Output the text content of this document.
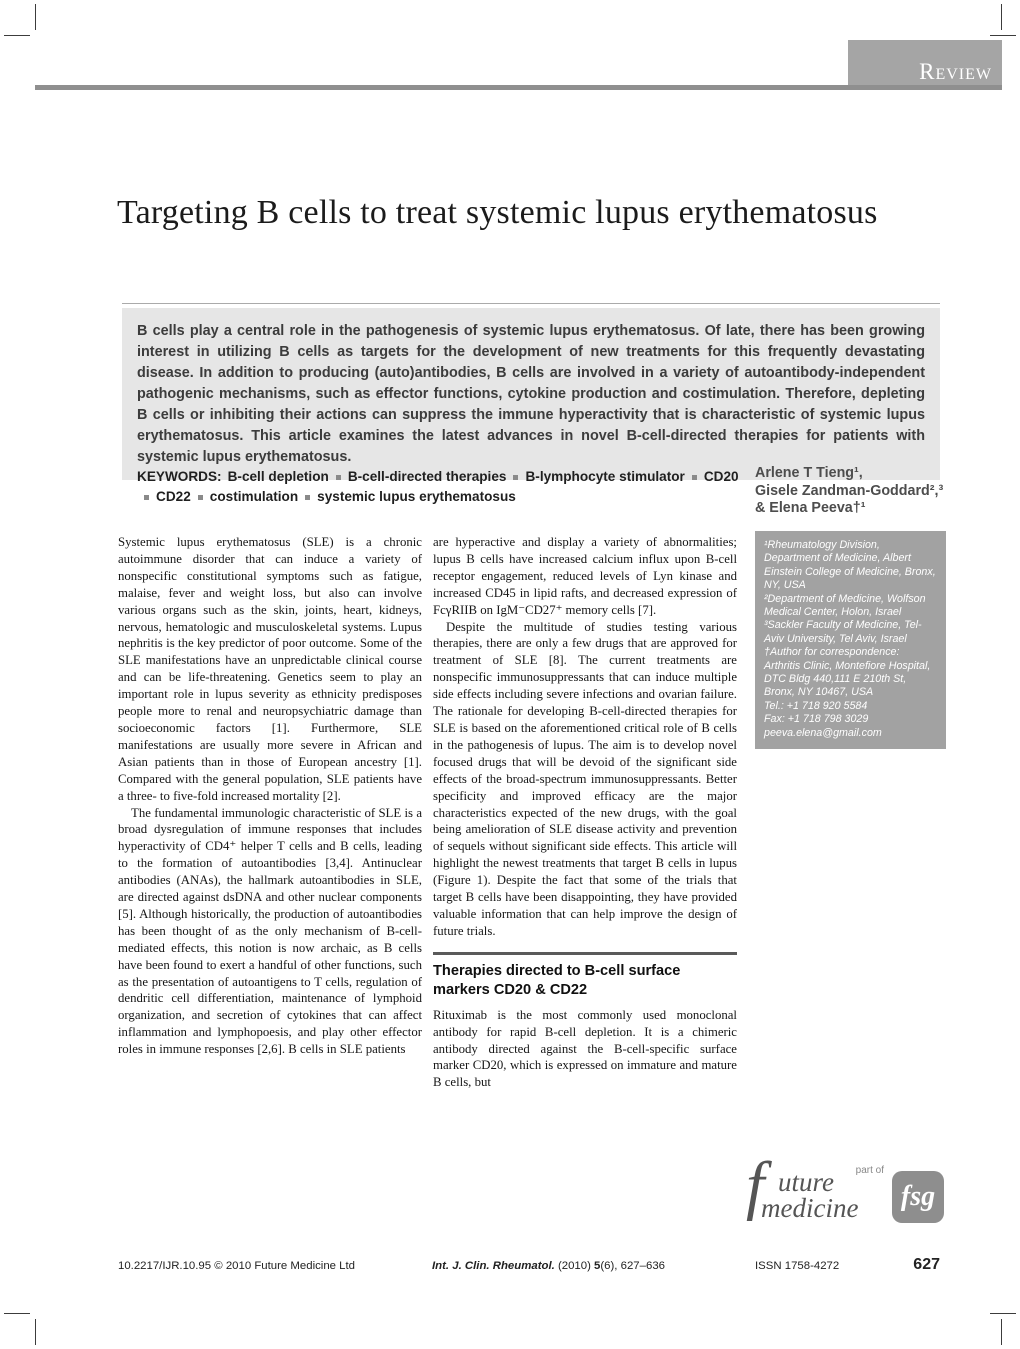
Review
Targeting B cells to treat systemic lupus erythematosus
B cells play a central role in the pathogenesis of systemic lupus erythematosus. Of late, there has been growing interest in utilizing B cells as targets for the development of new treatments for this frequently devastating disease. In addition to producing (auto)antibodies, B cells are involved in a variety of autoantibody-independent pathogenic mechanisms, such as effector functions, cytokine production and costimulation. Therefore, depleting B cells or inhibiting their actions can suppress the immune hyperactivity that is characteristic of systemic lupus erythematosus. This article examines the latest advances in novel B-cell-directed therapies for patients with systemic lupus erythematosus.
KEYWORDS: B-cell depletion B-cell-directed therapies B-lymphocyte stimulator CD20CD22 costimulation systemic lupus erythematosus

Arlene T Tieng¹,

Gisele Zandman-Goddard²,³

& Elena Peeva†¹

¹Rheumatology Division, Department of Medicine, Albert Einstein College of Medicine, Bronx, NY, USA

²Department of Medicine, Wolfson Medical Center, Holon, Israel

³Sackler Faculty of Medicine, Tel-Aviv University, Tel Aviv, Israel

†Author for correspondence: Arthritis Clinic, Montefiore Hospital, DTC Bldg 440,111 E 210th St, Bronx, NY 10467, USA

Tel.: +1 718 920 5584

Fax: +1 718 798 3029

peeva.elena@gmail.com

Systemic lupus erythematosus (SLE) is a chronic autoimmune disorder that can induce a variety of nonspecific constitutional symptoms such as fatigue, malaise, fever and weight loss, but also can involve various organs such as the skin, joints, heart, kidneys, nervous, hematologic and musculoskeletal systems. Lupus nephritis is the key predictor of poor outcome. Some of the SLE manifestations have an unpredictable clinical course and can be life-threatening. Genetics seem to play an important role in lupus severity as ethnicity predisposes people more to renal and neuropsychiatric damage than socioeconomic factors [1]. Furthermore, SLE manifestations are usually more severe in African and Asian patients than in those of European ancestry [1]. Compared with the general population, SLE patients have a three- to five-fold increased mortality [2].

The fundamental immunologic characteristic of SLE is a broad dysregulation of immune responses that includes hyperactivity of CD4⁺ helper T cells and B cells, leading to the formation of autoantibodies [3,4]. Antinuclear antibodies (ANAs), the hallmark autoantibodies in SLE, are directed against dsDNA and other nuclear components [5]. Although historically, the production of autoantibodies has been thought of as the only mechanism of B-cell-mediated effects, this notion is now archaic, as B cells have been found to exert a handful of other functions, such as the presentation of autoantigens to T cells, regulation of dendritic cell differentiation, maintenance of lymphoid organization, and secretion of cytokines that can affect inflammation and lymphopoesis, and play other effector roles in immune responses [2,6]. B cells in SLE patients

are hyperactive and display a variety of abnormalities; lupus B cells have increased calcium influx upon B-cell receptor engagement, reduced levels of Lyn kinase and increased CD45 in lipid rafts, and decreased expression of FcγRIIB on IgM⁻CD27⁺ memory cells [7].

Despite the multitude of studies testing various therapies, there are only a few drugs that are approved for treatment of SLE [8]. The current treatments are nonspecific immunosuppressants that can induce multiple side effects including severe infections and ovarian failure. The rationale for developing B-cell-directed therapies for SLE is based on the aforementioned critical role of B cells in the pathogenesis of lupus. The aim is to develop novel focused drugs that will be devoid of the significant side effects of the broad-spectrum immunosuppressants. Better specificity and improved efficacy are the major characteristics expected of the new drugs, with the goal being amelioration of SLE disease activity and prevention of sequels without significant side effects. This article will highlight the newest treatments that target B cells in lupus (Figure 1). Despite the fact that some of the trials that target B cells have been disappointing, they have provided valuable information that can help improve the design of future trials.

Therapies directed to B-cell surface markers CD20 & CD22

Rituximab is the most commonly used monoclonal antibody for rapid B-cell depletion. It is a chimeric antibody directed against the B-cell-specific surface marker CD20, which is expressed on immature and mature B cells, but

f uture
medicine
part of
fsg
10.2217/IJR.10.95 © 2010 Future Medicine Ltd	Int. J. Clin. Rheumatol. (2010) 5(6), 627–636	ISSN 1758-4272	627
